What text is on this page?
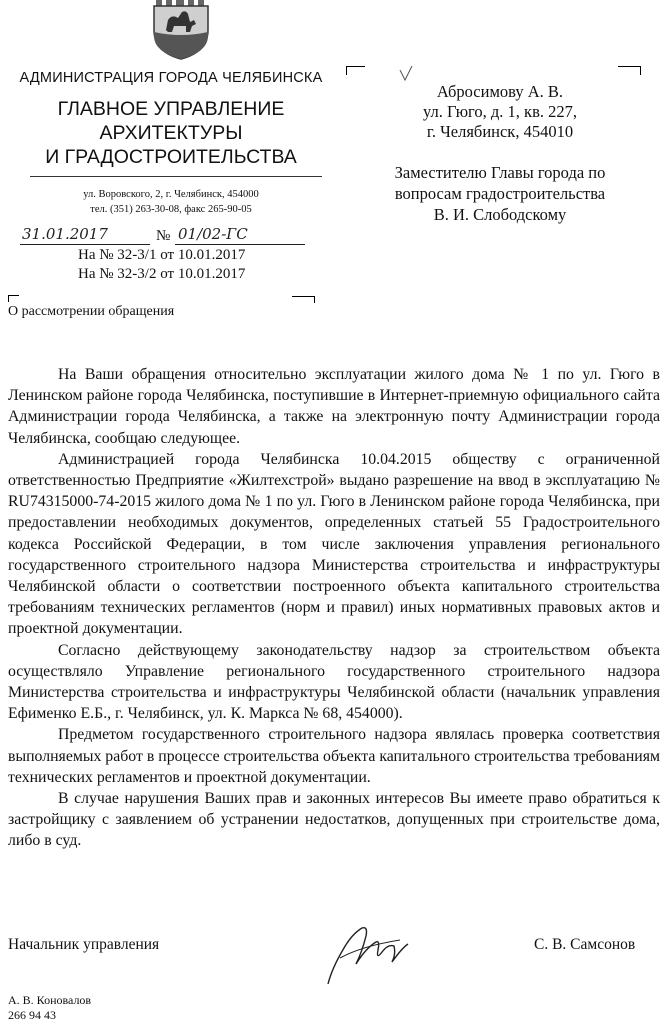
АДМИНИСТРАЦИЯ ГОРОДА ЧЕЛЯБИНСКА
ГЛАВНОЕ УПРАВЛЕНИЕ
АРХИТЕКТУРЫ
И ГРАДОСТРОИТЕЛЬСТВА
ул. Воровского, 2, г. Челябинск, 454000
тел. (351) 263-30-08, факс 265-90-05
31.01.2017	№ 01/02-ГС
На № 32-3/1 от 10.01.2017
На № 32-3/2 от 10.01.2017
О рассмотрении обращения
Абросимову А. В.
ул. Гюго, д. 1, кв. 227,
г. Челябинск, 454010
Заместителю Главы города по
вопросам градостроительства
В. И. Слободскому

На Ваши обращения относительно эксплуатации жилого дома № 1 по ул. Гюго в Ленинском районе города Челябинска, поступившие в Интернет-приемную официального сайта Администрации города Челябинска, а также на электронную почту Администрации города Челябинска, сообщаю следующее.

Администрацией города Челябинска 10.04.2015 обществу с ограниченной ответственностью Предприятие «Жилтехстрой» выдано разрешение на ввод в эксплуатацию № RU74315000-74-2015 жилого дома № 1 по ул. Гюго в Ленинском районе города Челябинска, при предоставлении необходимых документов, определенных статьей 55 Градостроительного кодекса Российской Федерации, в том числе заключения управления регионального государственного строительного надзора Министерства строительства и инфраструктуры Челябинской области о соответствии построенного объекта капитального строительства требованиям технических регламентов (норм и правил) иных нормативных правовых актов и проектной документации.

Согласно действующему законодательству надзор за строительством объекта осуществляло Управление регионального государственного строительного надзора Министерства строительства и инфраструктуры Челябинской области (начальник управления Ефименко Е.Б., г. Челябинск, ул. К. Маркса № 68, 454000).

Предметом государственного строительного надзора являлась проверка соответствия выполняемых работ в процессе строительства объекта капитального строительства требованиям технических регламентов и проектной документации.

В случае нарушения Ваших прав и законных интересов Вы имеете право обратиться к застройщику с заявлением об устранении недостатков, допущенных при строительстве дома, либо в суд.

Начальник управления	С. В. Самсонов
А. В. Коновалов
266 94 43
